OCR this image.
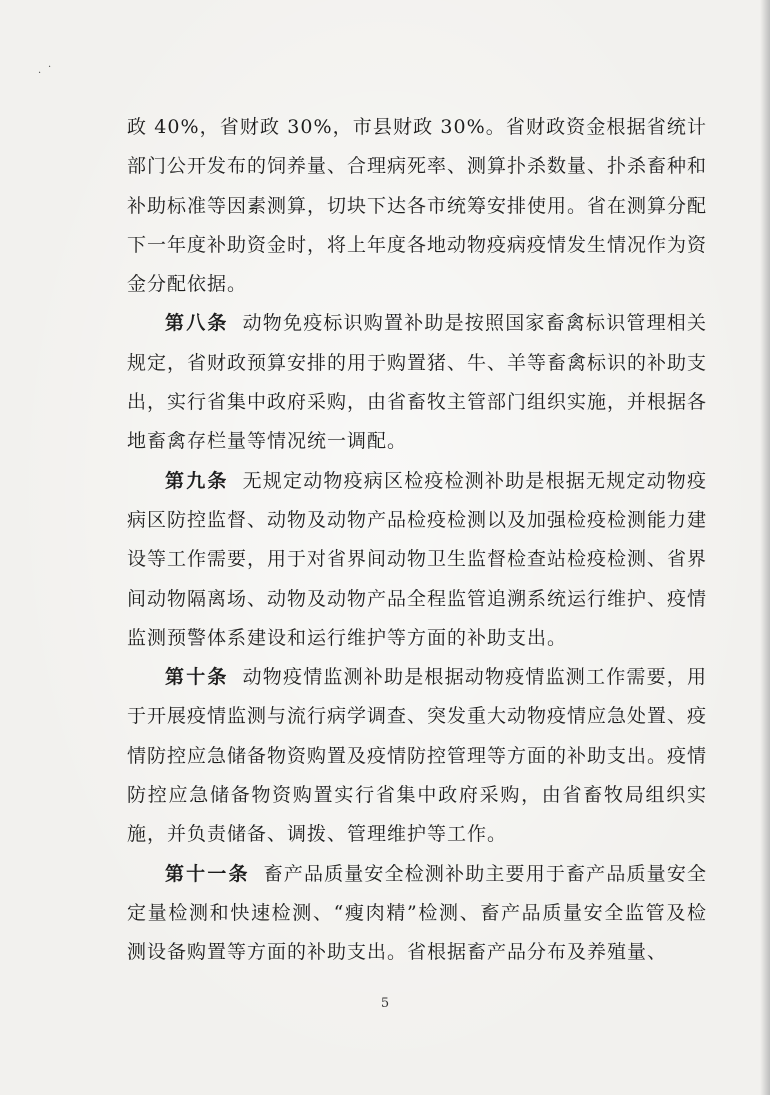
·
·

政 40%，省财政 30%，市县财政 30%。省财政资金根据省统计部门公开发布的饲养量、合理病死率、测算扑杀数量、扑杀畜种和补助标准等因素测算，切块下达各市统筹安排使用。省在测算分配下一年度补助资金时，将上年度各地动物疫病疫情发生情况作为资金分配依据。

第八条 动物免疫标识购置补助是按照国家畜禽标识管理相关规定，省财政预算安排的用于购置猪、牛、羊等畜禽标识的补助支出，实行省集中政府采购，由省畜牧主管部门组织实施，并根据各地畜禽存栏量等情况统一调配。

第九条 无规定动物疫病区检疫检测补助是根据无规定动物疫病区防控监督、动物及动物产品检疫检测以及加强检疫检测能力建设等工作需要，用于对省界间动物卫生监督检查站检疫检测、省界间动物隔离场、动物及动物产品全程监管追溯系统运行维护、疫情监测预警体系建设和运行维护等方面的补助支出。

第十条 动物疫情监测补助是根据动物疫情监测工作需要，用于开展疫情监测与流行病学调查、突发重大动物疫情应急处置、疫情防控应急储备物资购置及疫情防控管理等方面的补助支出。疫情防控应急储备物资购置实行省集中政府采购，由省畜牧局组织实施，并负责储备、调拨、管理维护等工作。

第十一条 畜产品质量安全检测补助主要用于畜产品质量安全定量检测和快速检测、“瘦肉精”检测、畜产品质量安全监管及检测设备购置等方面的补助支出。省根据畜产品分布及养殖量、

5
